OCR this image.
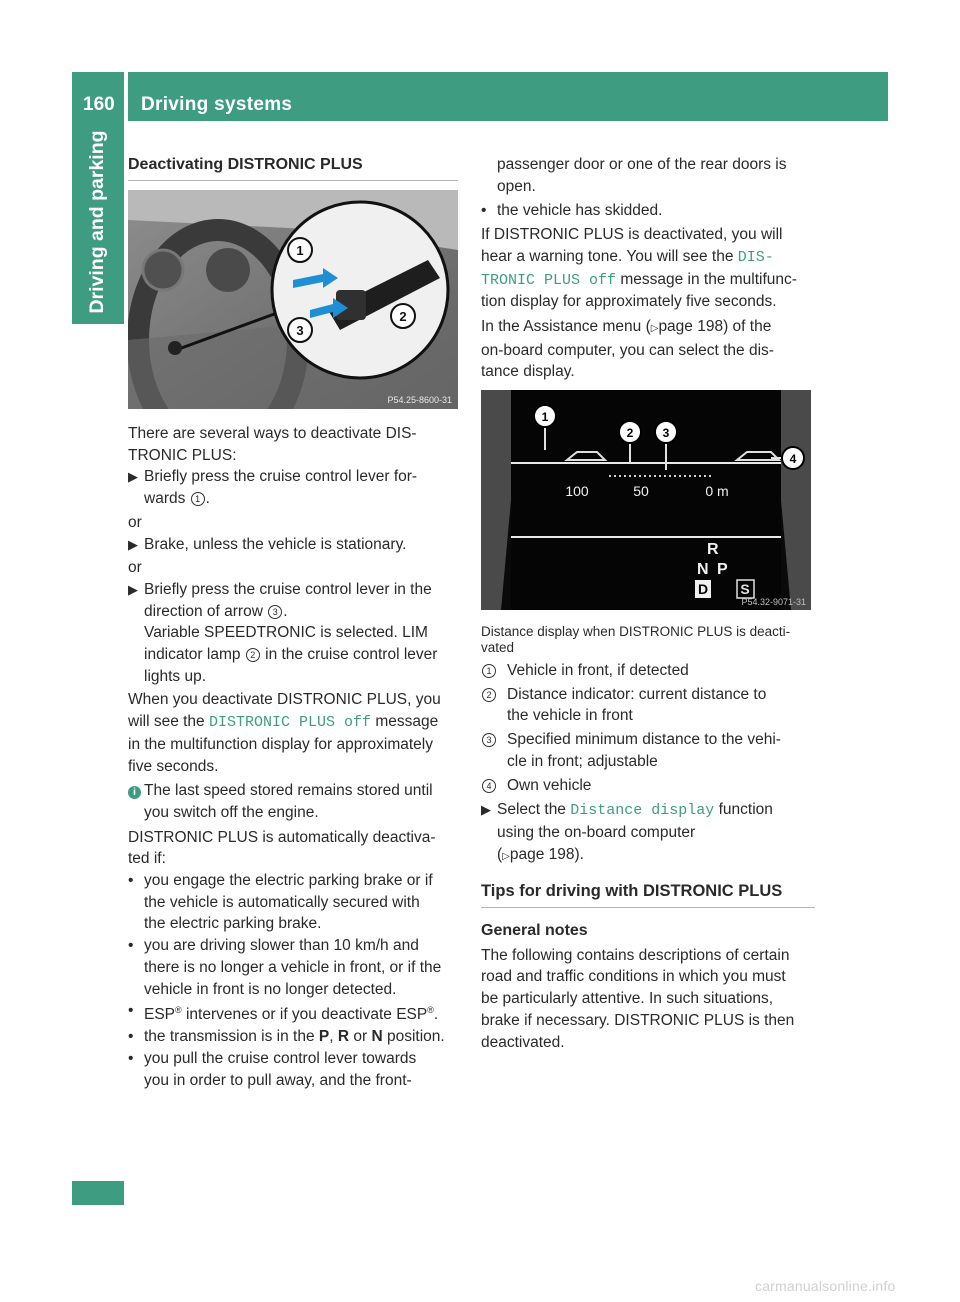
160 Driving systems
Driving and parking Deactivating DISTRONIC PLUS

1
2
3
P54.25-8600-31

There are several ways to deactivate DIS-

TRONIC PLUS:

▶ Briefly press the cruise control lever for-

wards 1 .

or

▶ Brake, unless the vehicle is stationary.

or

▶ Briefly press the cruise control lever in the

direction of arrow 3 .

Variable SPEEDTRONIC is selected. LIM

indicator lamp 2 in the cruise control lever

lights up.

When you deactivate DISTRONIC PLUS, you

will see the DISTRONIC PLUS off message

in the multifunction display for approximately

five seconds.

i The last speed stored remains stored until

you switch off the engine.

DISTRONIC PLUS is automatically deactiva-

ted if:

• you engage the electric parking brake or if

the vehicle is automatically secured with

the electric parking brake.

• you are driving slower than 10 km/h and

there is no longer a vehicle in front, or if the

vehicle in front is no longer detected.

• ESP® intervenes or if you deactivate ESP®.
• the transmission is in the P, R or N position.
• you pull the cruise control lever towards

you in order to pull away, and the front-

passenger door or one of the rear doors is

open.

• the vehicle has skidded.

If DISTRONIC PLUS is deactivated, you will

hear a warning tone. You will see the DIS‐

TRONIC PLUS off message in the multifunc-

tion display for approximately five seconds.

In the Assistance menu (▷page 198) of the

on-board computer, you can select the dis-

tance display.

1
2 3
4
100	50	0 m
R
N P
D S
P54.32-9071-31

Distance display when DISTRONIC PLUS is deacti-

vated

1	Vehicle in front, if detected
2	Distance indicator: current distance to

the vehicle in front

3	Specified minimum distance to the vehi-

cle in front; adjustable

4	Own vehicle
▶ Select the Distance display function

using the on-board computer

(▷page 198).

Tips for driving with DISTRONIC PLUS

General notes

The following contains descriptions of certain

road and traffic conditions in which you must

be particularly attentive. In such situations,

brake if necessary. DISTRONIC PLUS is then

deactivated.

carmanualsonline.info
